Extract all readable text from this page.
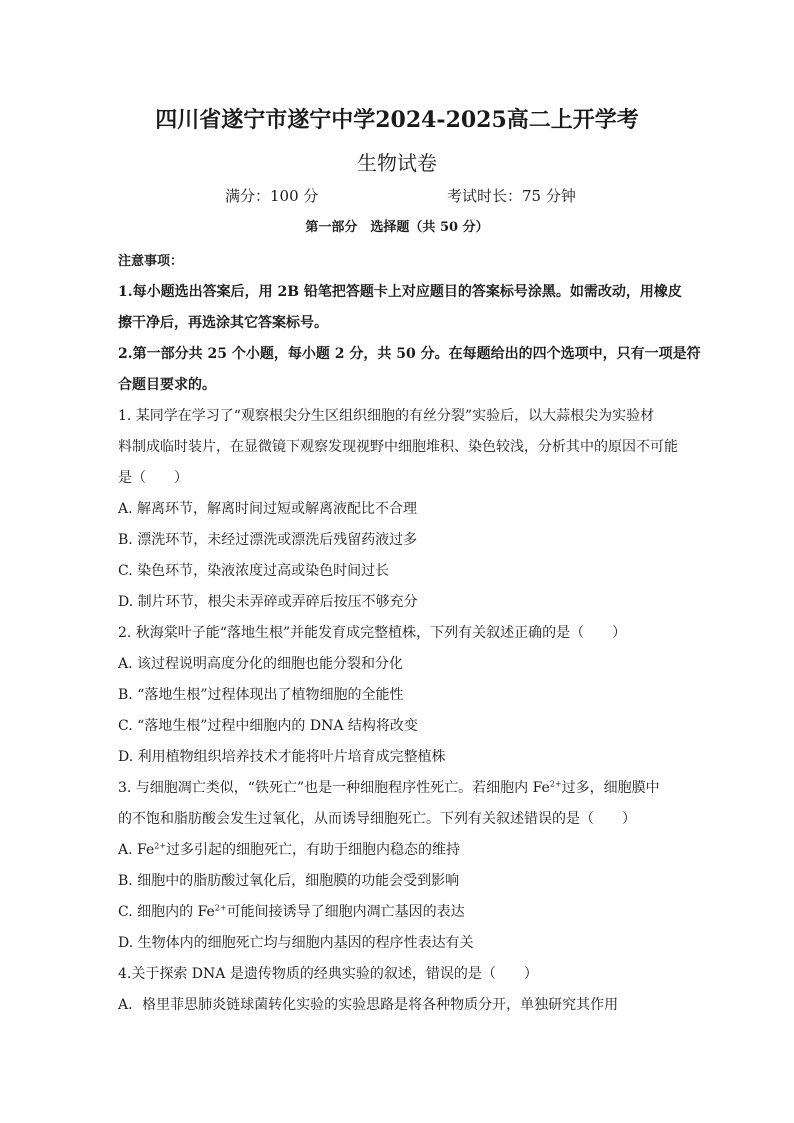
四川省遂宁市遂宁中学2024-2025高二上开学考
生物试卷
满分：100 分	考试时长：75 分钟
第一部分　选择题（共 50 分）
注意事项：
1.每小题选出答案后，用 2B 铅笔把答题卡上对应题目的答案标号涂黑。如需改动，用橡皮
擦干净后，再选涂其它答案标号。
2.第一部分共 25 个小题，每小题 2 分，共 50 分。在每题给出的四个选项中，只有一项是符
合题目要求的。
1. 某同学在学习了“观察根尖分生区组织细胞的有丝分裂”实验后，以大蒜根尖为实验材
料制成临时装片，在显微镜下观察发现视野中细胞堆积、染色较浅，分析其中的原因不可能
是（　　）
A. 解离环节，解离时间过短或解离液配比不合理
B. 漂洗环节，未经过漂洗或漂洗后残留药液过多
C. 染色环节，染液浓度过高或染色时间过长
D. 制片环节，根尖未弄碎或弄碎后按压不够充分
2. 秋海棠叶子能“落地生根”并能发育成完整植株，下列有关叙述正确的是（　　）
A. 该过程说明高度分化的细胞也能分裂和分化
B. “落地生根”过程体现出了植物细胞的全能性
C. “落地生根”过程中细胞内的 DNA 结构将改变
D. 利用植物组织培养技术才能将叶片培育成完整植株
3. 与细胞凋亡类似，“铁死亡”也是一种细胞程序性死亡。若细胞内 $Fe^{2+}$过多，细胞膜中
的不饱和脂肪酸会发生过氧化，从而诱导细胞死亡。下列有关叙述错误的是（　　）
A. $Fe^{2+}$过多引起的细胞死亡，有助于细胞内稳态的维持
B. 细胞中的脂肪酸过氧化后，细胞膜的功能会受到影响
C. 细胞内的 $Fe^{2+}$可能间接诱导了细胞内凋亡基因的表达
D. 生物体内的细胞死亡均与细胞内基因的程序性表达有关
4.关于探索 DNA 是遗传物质的经典实验的叙述，错误的是（　　）
A．格里菲思肺炎链球菌转化实验的实验思路是将各种物质分开，单独研究其作用
